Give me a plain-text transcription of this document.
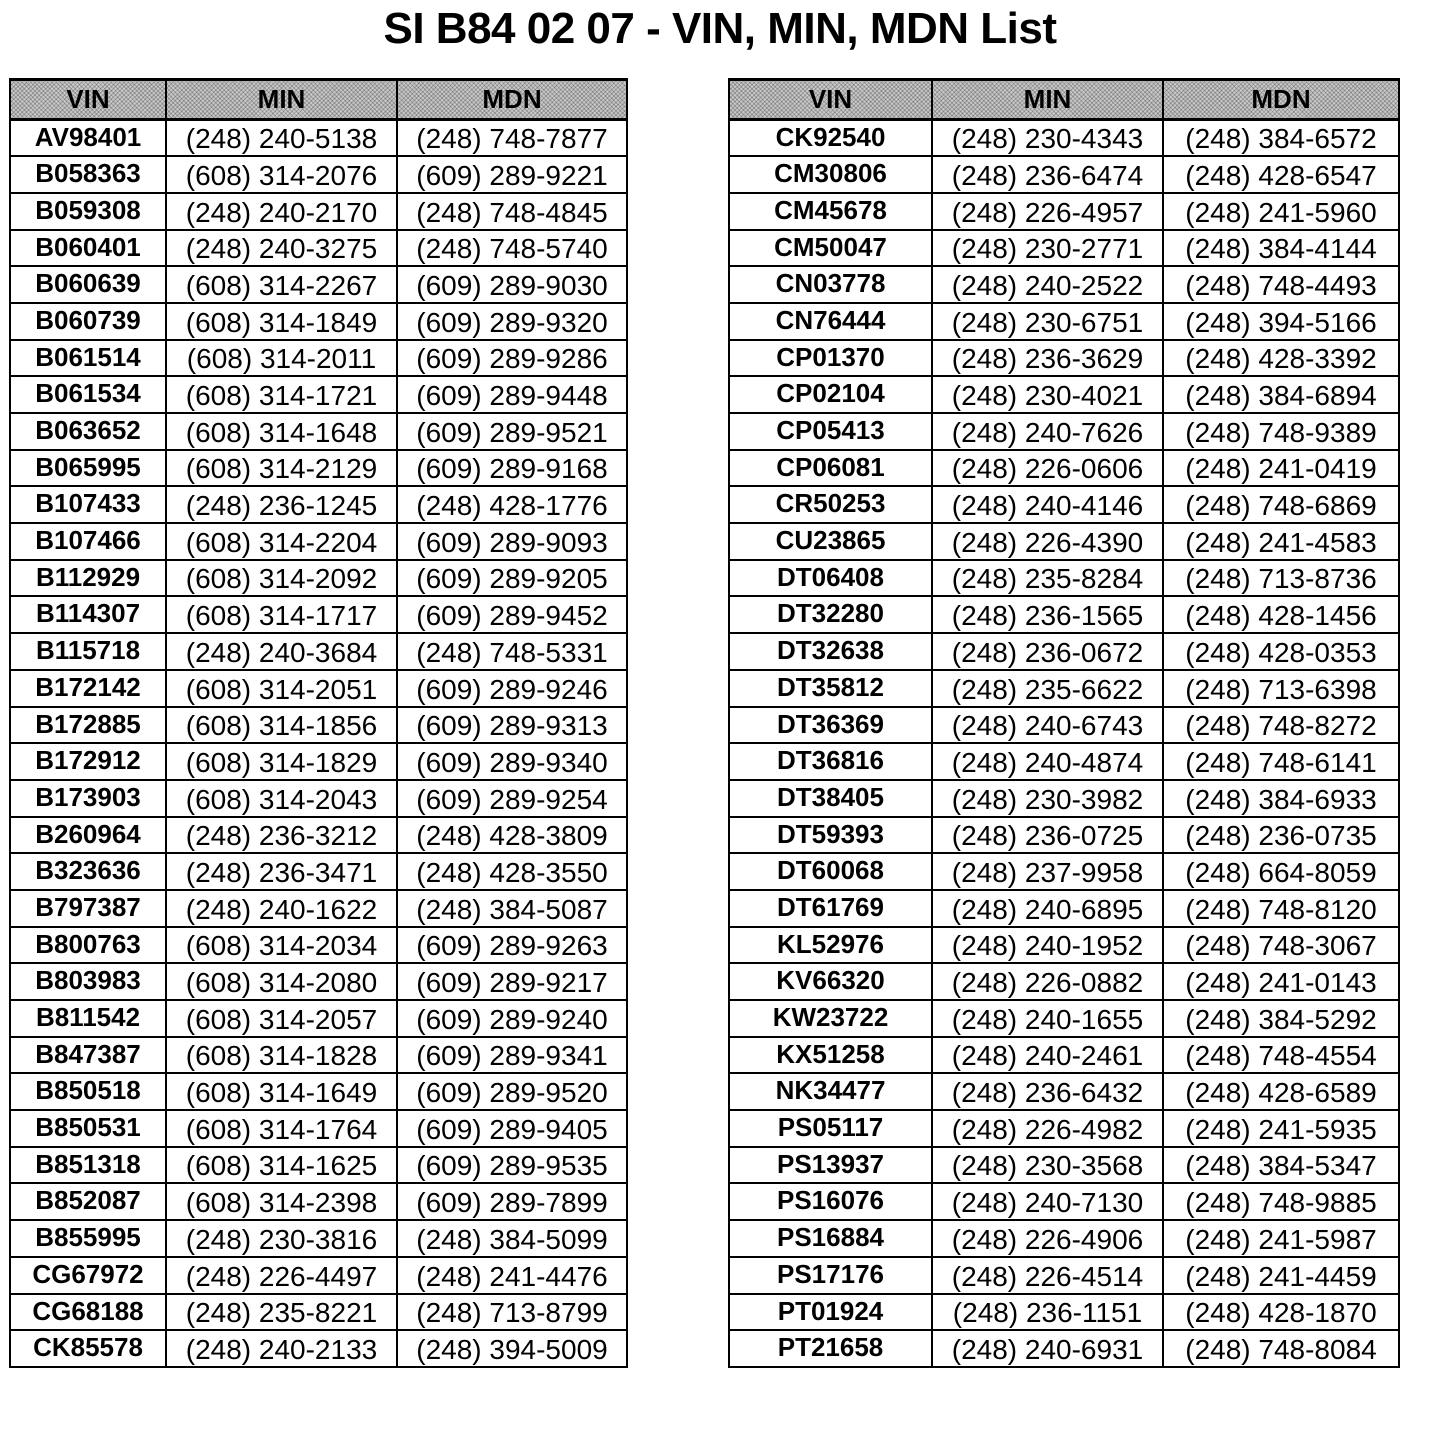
SI B84 02 07 - VIN, MIN, MDN List
VIN	MIN	MDN
AV98401	(248) 240-5138	(248) 748-7877
B058363	(608) 314-2076	(609) 289-9221
B059308	(248) 240-2170	(248) 748-4845
B060401	(248) 240-3275	(248) 748-5740
B060639	(608) 314-2267	(609) 289-9030
B060739	(608) 314-1849	(609) 289-9320
B061514	(608) 314-2011	(609) 289-9286
B061534	(608) 314-1721	(609) 289-9448
B063652	(608) 314-1648	(609) 289-9521
B065995	(608) 314-2129	(609) 289-9168
B107433	(248) 236-1245	(248) 428-1776
B107466	(608) 314-2204	(609) 289-9093
B112929	(608) 314-2092	(609) 289-9205
B114307	(608) 314-1717	(609) 289-9452
B115718	(248) 240-3684	(248) 748-5331
B172142	(608) 314-2051	(609) 289-9246
B172885	(608) 314-1856	(609) 289-9313
B172912	(608) 314-1829	(609) 289-9340
B173903	(608) 314-2043	(609) 289-9254
B260964	(248) 236-3212	(248) 428-3809
B323636	(248) 236-3471	(248) 428-3550
B797387	(248) 240-1622	(248) 384-5087
B800763	(608) 314-2034	(609) 289-9263
B803983	(608) 314-2080	(609) 289-9217
B811542	(608) 314-2057	(609) 289-9240
B847387	(608) 314-1828	(609) 289-9341
B850518	(608) 314-1649	(609) 289-9520
B850531	(608) 314-1764	(609) 289-9405
B851318	(608) 314-1625	(609) 289-9535
B852087	(608) 314-2398	(609) 289-7899
B855995	(248) 230-3816	(248) 384-5099
CG67972	(248) 226-4497	(248) 241-4476
CG68188	(248) 235-8221	(248) 713-8799
CK85578	(248) 240-2133	(248) 394-5009
VIN	MIN	MDN
CK92540	(248) 230-4343	(248) 384-6572
CM30806	(248) 236-6474	(248) 428-6547
CM45678	(248) 226-4957	(248) 241-5960
CM50047	(248) 230-2771	(248) 384-4144
CN03778	(248) 240-2522	(248) 748-4493
CN76444	(248) 230-6751	(248) 394-5166
CP01370	(248) 236-3629	(248) 428-3392
CP02104	(248) 230-4021	(248) 384-6894
CP05413	(248) 240-7626	(248) 748-9389
CP06081	(248) 226-0606	(248) 241-0419
CR50253	(248) 240-4146	(248) 748-6869
CU23865	(248) 226-4390	(248) 241-4583
DT06408	(248) 235-8284	(248) 713-8736
DT32280	(248) 236-1565	(248) 428-1456
DT32638	(248) 236-0672	(248) 428-0353
DT35812	(248) 235-6622	(248) 713-6398
DT36369	(248) 240-6743	(248) 748-8272
DT36816	(248) 240-4874	(248) 748-6141
DT38405	(248) 230-3982	(248) 384-6933
DT59393	(248) 236-0725	(248) 236-0735
DT60068	(248) 237-9958	(248) 664-8059
DT61769	(248) 240-6895	(248) 748-8120
KL52976	(248) 240-1952	(248) 748-3067
KV66320	(248) 226-0882	(248) 241-0143
KW23722	(248) 240-1655	(248) 384-5292
KX51258	(248) 240-2461	(248) 748-4554
NK34477	(248) 236-6432	(248) 428-6589
PS05117	(248) 226-4982	(248) 241-5935
PS13937	(248) 230-3568	(248) 384-5347
PS16076	(248) 240-7130	(248) 748-9885
PS16884	(248) 226-4906	(248) 241-5987
PS17176	(248) 226-4514	(248) 241-4459
PT01924	(248) 236-1151	(248) 428-1870
PT21658	(248) 240-6931	(248) 748-8084
